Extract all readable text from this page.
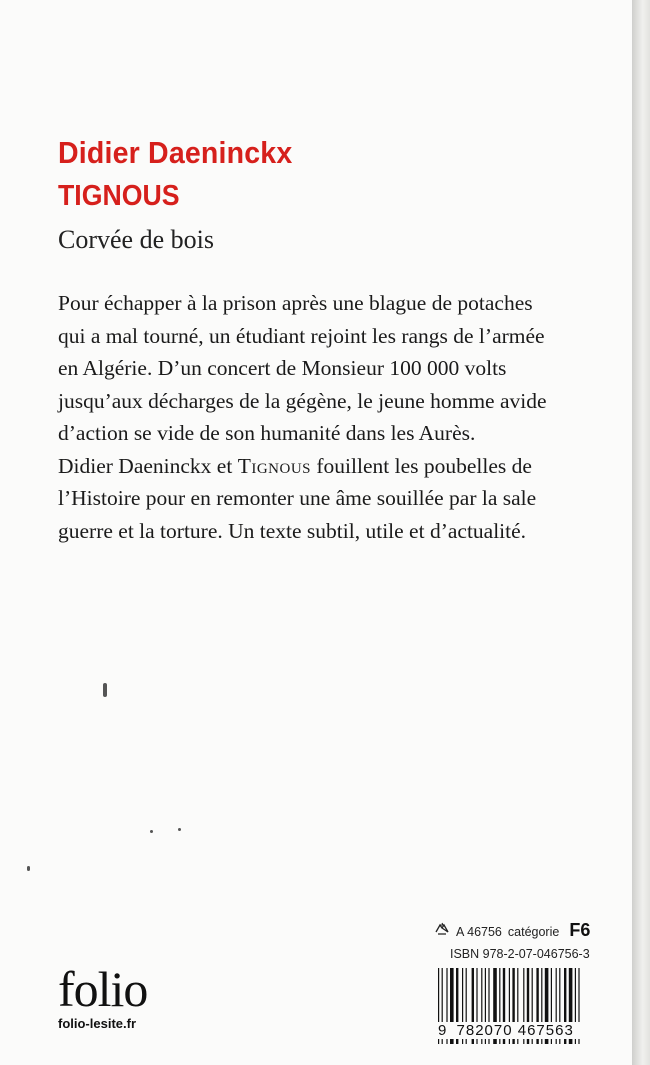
Didier Daeninckx
TIGNOUS
Corvée de bois

Pour échapper à la prison après une blague de potaches

qui a mal tourné, un étudiant rejoint les rangs de l’armée

en Algérie. D’un concert de Monsieur 100 000 volts

jusqu’aux décharges de la gégène, le jeune homme avide

d’action se vide de son humanité dans les Aurès.

Didier Daeninckx et Tignous fouillent les poubelles de

l’Histoire pour en remonter une âme souillée par la sale

guerre et la torture. Un texte subtil, utile et d’actualité.

folio
folio-lesite.fr
A 46756 catégorie F6
ISBN 978-2-07-046756-3
9 782070 467563
